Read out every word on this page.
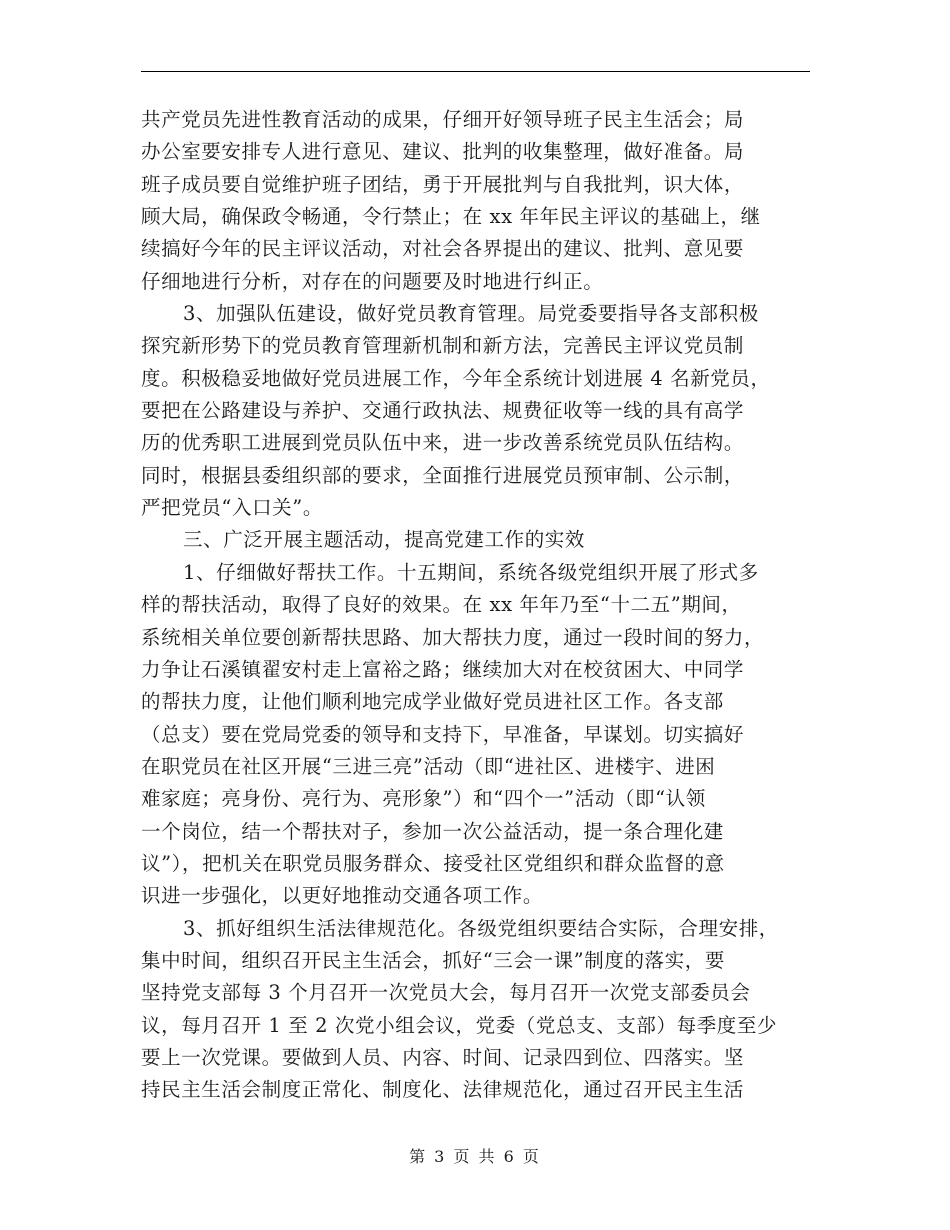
共产党员先进性教育活动的成果，仔细开好领导班子民主生活会；局
办公室要安排专人进行意见、建议、批判的收集整理，做好准备。局
班子成员要自觉维护班子团结，勇于开展批判与自我批判，识大体，
顾大局，确保政令畅通，令行禁止；在 xx 年年民主评议的基础上，继
续搞好今年的民主评议活动，对社会各界提出的建议、批判、意见要
仔细地进行分析，对存在的问题要及时地进行纠正。
3、加强队伍建设，做好党员教育管理。局党委要指导各支部积极
探究新形势下的党员教育管理新机制和新方法，完善民主评议党员制
度。积极稳妥地做好党员进展工作，今年全系统计划进展 4 名新党员，
要把在公路建设与养护、交通行政执法、规费征收等一线的具有高学
历的优秀职工进展到党员队伍中来，进一步改善系统党员队伍结构。
同时，根据县委组织部的要求，全面推行进展党员预审制、公示制，
严把党员“入口关”。
三、广泛开展主题活动，提高党建工作的实效
1、仔细做好帮扶工作。十五期间，系统各级党组织开展了形式多
样的帮扶活动，取得了良好的效果。在 xx 年年乃至“十二五”期间，
系统相关单位要创新帮扶思路、加大帮扶力度，通过一段时间的努力，
力争让石溪镇翟安村走上富裕之路；继续加大对在校贫困大、中同学
的帮扶力度，让他们顺利地完成学业做好党员进社区工作。各支部
（总支）要在党局党委的领导和支持下，早准备，早谋划。切实搞好
在职党员在社区开展“三进三亮”活动（即“进社区、进楼宇、进困
难家庭；亮身份、亮行为、亮形象”）和“四个一”活动（即“认领
一个岗位，结一个帮扶对子，参加一次公益活动，提一条合理化建
议”），把机关在职党员服务群众、接受社区党组织和群众监督的意
识进一步强化，以更好地推动交通各项工作。
3、抓好组织生活法律规范化。各级党组织要结合实际，合理安排，
集中时间，组织召开民主生活会，抓好“三会一课”制度的落实，要
坚持党支部每 3 个月召开一次党员大会，每月召开一次党支部委员会
议，每月召开 1 至 2 次党小组会议，党委（党总支、支部）每季度至少
要上一次党课。要做到人员、内容、时间、记录四到位、四落实。坚
持民主生活会制度正常化、制度化、法律规范化，通过召开民主生活
第 3 页 共 6 页
